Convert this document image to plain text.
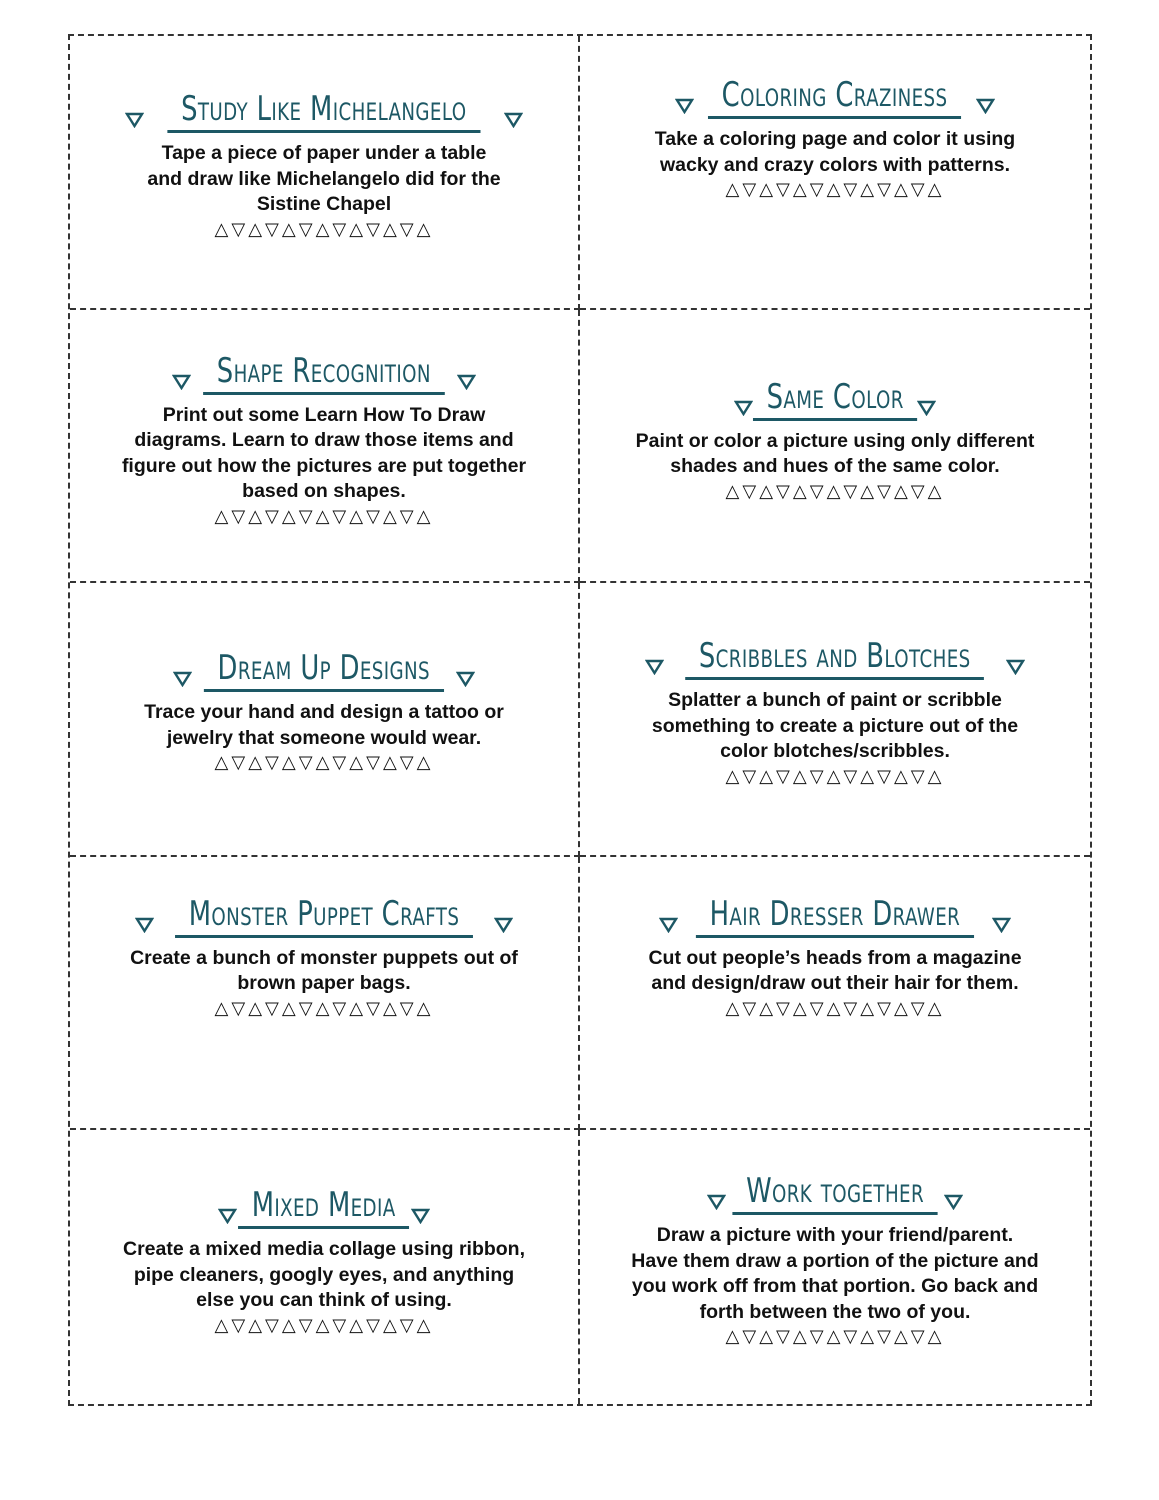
Study Like Michelangelo
Tape a piece of paper under a table
and draw like Michelangelo did for the
Sistine Chapel
△▽△▽△▽△▽△▽△▽△
Coloring Craziness
Take a coloring page and color it using
wacky and crazy colors with patterns.
△▽△▽△▽△▽△▽△▽△
Shape Recognition
Print out some Learn How To Draw
diagrams. Learn to draw those items and
figure out how the pictures are put together
based on shapes.
△▽△▽△▽△▽△▽△▽△
Same Color
Paint or color a picture using only different
shades and hues of the same color.
△▽△▽△▽△▽△▽△▽△
Dream Up Designs
Trace your hand and design a tattoo or
jewelry that someone would wear.
△▽△▽△▽△▽△▽△▽△
Scribbles and Blotches
Splatter a bunch of paint or scribble
something to create a picture out of the
color blotches/scribbles.
△▽△▽△▽△▽△▽△▽△
Monster Puppet Crafts
Create a bunch of monster puppets out of
brown paper bags.
△▽△▽△▽△▽△▽△▽△
Hair Dresser Drawer
Cut out people’s heads from a magazine
and design/draw out their hair for them.
△▽△▽△▽△▽△▽△▽△
Mixed Media
Create a mixed media collage using ribbon,
pipe cleaners, googly eyes, and anything
else you can think of using.
△▽△▽△▽△▽△▽△▽△
Work together
Draw a picture with your friend/parent.
Have them draw a portion of the picture and
you work off from that portion. Go back and
forth between the two of you.
△▽△▽△▽△▽△▽△▽△
